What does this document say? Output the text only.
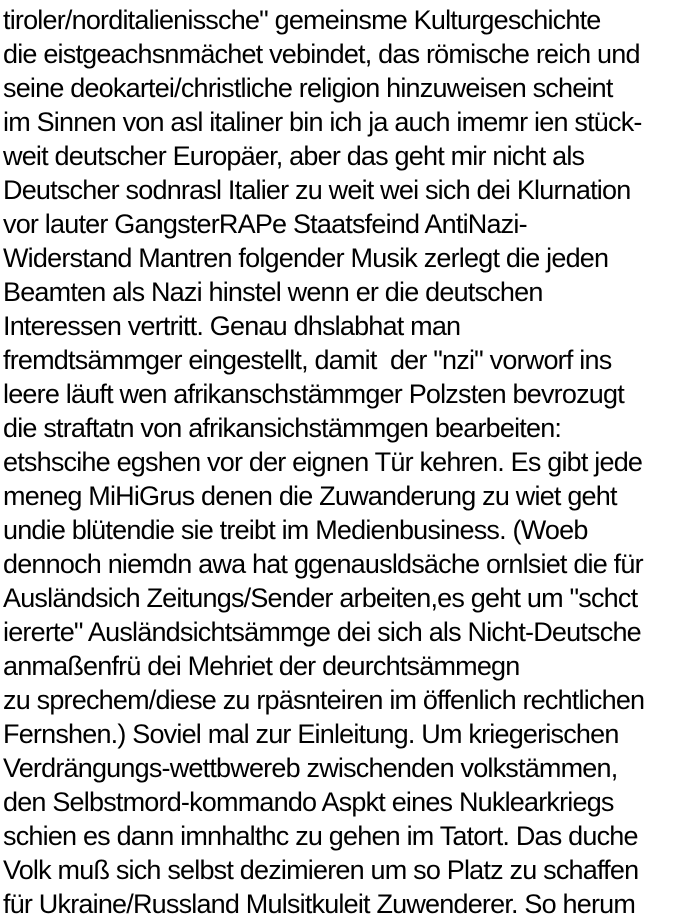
tiroler/norditalienissche" gemeinsme Kulturgeschichte
die eistgeachsnmächet vebindet, das römische reich und
seine deokartei/christliche religion hinzuweisen scheint
im Sinnen von asl italiner bin ich ja auch imemr ien stück-
weit deutscher Europäer, aber das geht mir nicht als
Deutscher sodnrasl Italier zu weit wei sich dei Klurnation
vor lauter GangsterRAPe Staatsfeind AntiNazi-
Widerstand Mantren folgender Musik zerlegt die jeden
Beamten als Nazi hinstel wenn er die deutschen
Interessen vertritt. Genau dhslabhat man
fremdtsämmger eingestellt, damit  der "nzi" vorworf ins
leere läuft wen afrikanschstämmger Polzsten bevrozugt
die straftatn von afrikansichstämmgen bearbeiten:
etshscihe egshen vor der eignen Tür kehren. Es gibt jede
meneg MiHiGrus denen die Zuwanderung zu wiet geht
undie blütendie sie treibt im Medienbusiness. (Woeb
dennoch niemdn awa hat ggenausldsäche ornlsiet die für
Ausländsich Zeitungs/Sender arbeiten,es geht um "schct
iererte" Ausländsichtsämmge dei sich als Nicht-Deutsche
anmaßenfrü dei Mehriet der deurchtsämmegn
zu sprechem/diese zu rpäsnteiren im öffenlich rechtlichen
Fernshen.) Soviel mal zur Einleitung. Um kriegerischen
Verdrängungs-wettbwereb zwischenden volkstämmen,
den Selbstmord-kommando Aspkt eines Nuklearkriegs
schien es dann imnhalthc zu gehen im Tatort. Das duche
Volk muß sich selbst dezimieren um so Platz zu schaffen
für Ukraine/Russland Mulsitkuleit Zuwenderer. So herum
